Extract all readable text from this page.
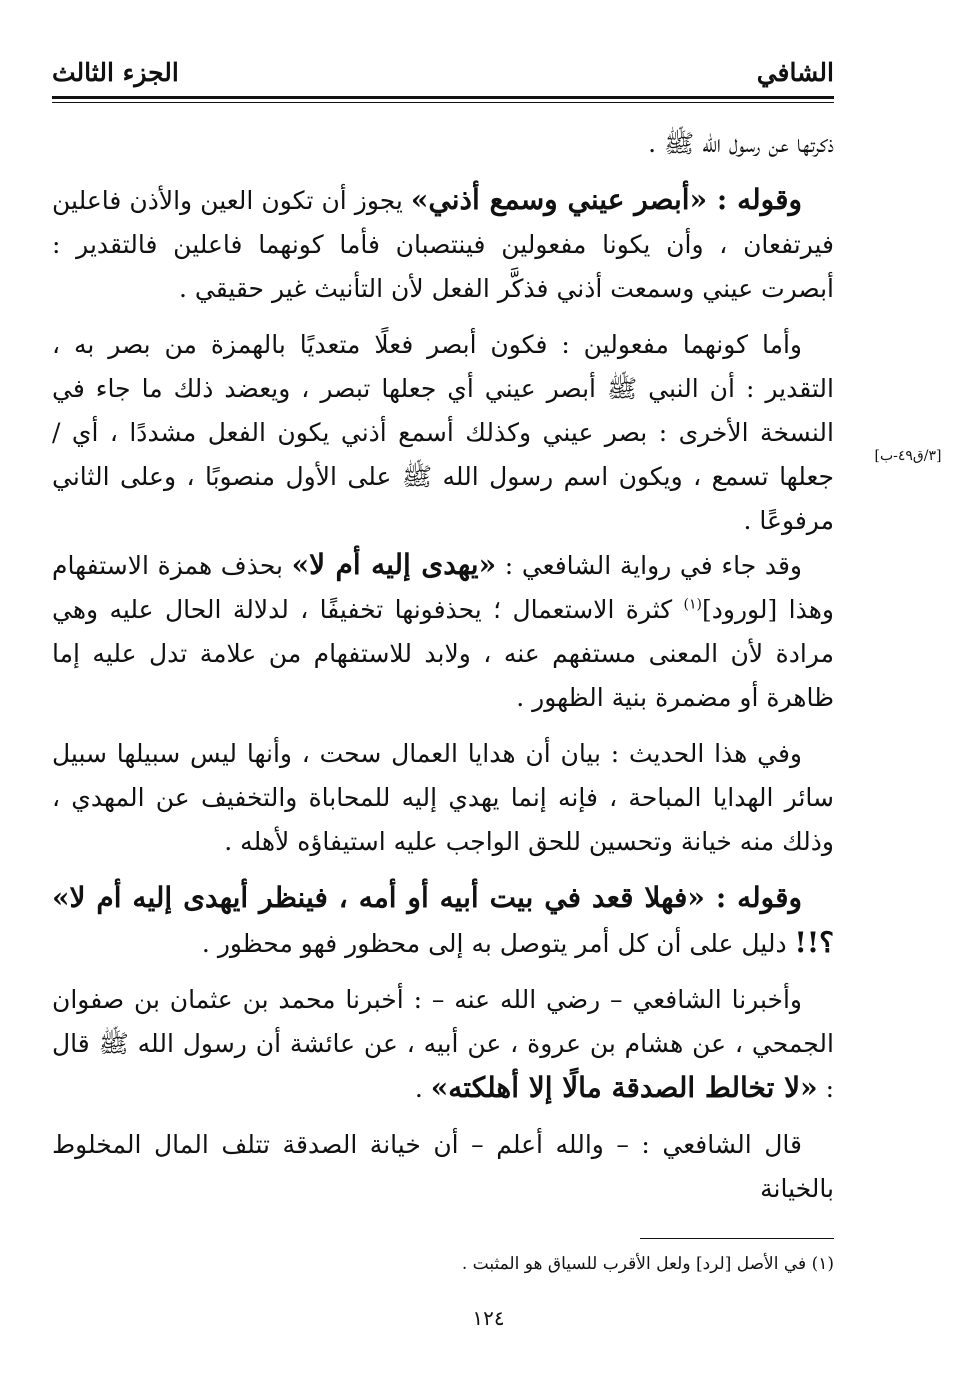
الشافي
الجزء الثالث

ذكرتها عن رسول الله ﷺ .

وقوله : «أبصر عيني وسمع أذني» يجوز أن تكون العين والأذن فاعلين فيرتفعان ، وأن يكونا مفعولين فينتصبان فأما كونهما فاعلين فالتقدير : أبصرت عيني وسمعت أذني فذكَّر الفعل لأن التأنيث غير حقيقي .

وأما كونهما مفعولين : فكون أبصر فعلًا متعديًا بالهمزة من بصر به ، التقدير : أن النبي ﷺ أبصر عيني أي جعلها تبصر ، ويعضد ذلك ما جاء في النسخة الأخرى : بصر عيني وكذلك أسمع أذني يكون الفعل مشددًا ، أي / جعلها تسمع ، ويكون اسم رسول الله ﷺ على الأول منصوبًا ، وعلى الثاني مرفوعًا .

وقد جاء في رواية الشافعي : «يهدى إليه أم لا» بحذف همزة الاستفهام وهذا [لورود]$^{(١)}$ كثرة الاستعمال ؛ يحذفونها تخفيفًا ، لدلالة الحال عليه وهي مرادة لأن المعنى مستفهم عنه ، ولابد للاستفهام من علامة تدل عليه إما ظاهرة أو مضمرة بنية الظهور .

وفي هذا الحديث : بيان أن هدايا العمال سحت ، وأنها ليس سبيلها سبيل سائر الهدايا المباحة ، فإنه إنما يهدي إليه للمحاباة والتخفيف عن المهدي ، وذلك منه خيانة وتحسين للحق الواجب عليه استيفاؤه لأهله .

وقوله : «فهلا قعد في بيت أبيه أو أمه ، فينظر أيهدى إليه أم لا» ؟!! دليل على أن كل أمر يتوصل به إلى محظور فهو محظور .

وأخبرنا الشافعي – رضي الله عنه – : أخبرنا محمد بن عثمان بن صفوان الجمحي ، عن هشام بن عروة ، عن أبيه ، عن عائشة أن رسول الله ﷺ قال : «لا تخالط الصدقة مالًا إلا أهلكته» .

قال الشافعي : – والله أعلم – أن خيانة الصدقة تتلف المال المخلوط بالخيانة

[٣/ق٤٩-ب]
(١) في الأصل [لرد] ولعل الأقرب للسياق هو المثبت .
١٢٤
